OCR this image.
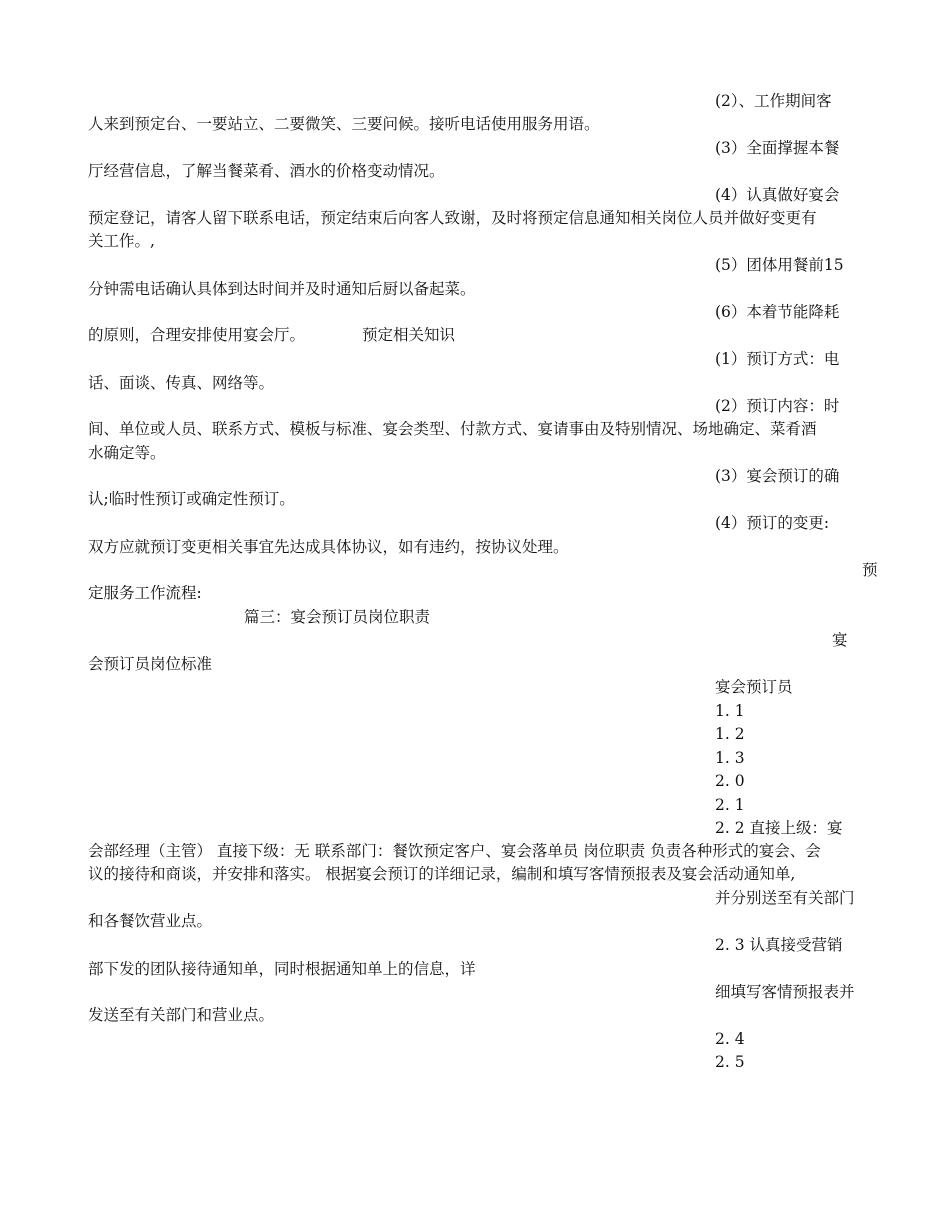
(2）、工作期间客
人来到预定台、一要站立、二要微笑、三要问候。接听电话使用服务用语。
(3）全面撑握本餐
厅经营信息，了解当餐菜肴、酒水的价格变动情况。
(4）认真做好宴会
预定登记，请客人留下联系电话，预定结束后向客人致谢，及时将预定信息通知相关岗位人员并做好变更有
关工作。,
(5）团体用餐前15
分钟需电话确认具体到达时间并及时通知后厨以备起菜。
(6）本着节能降耗
的原则，合理安排使用宴会厅。	预定相关知识
(1）预订方式：电
话、面谈、传真、网络等。
(2）预订内容：时
间、单位或人员、联系方式、模板与标准、宴会类型、付款方式、宴请事由及特别情况、场地确定、菜肴酒
水确定等。
(3）宴会预订的确
认;临时性预订或确定性预订。
(4）预订的变更:
双方应就预订变更相关事宜先达成具体协议，如有违约，按协议处理。
预
定服务工作流程:
篇三：宴会预订员岗位职责
宴
会预订员岗位标准
宴会预订员
1. 1
1. 2
1. 3
2. 0
2. 1
2. 2 直接上级：宴
会部经理（主管） 直接下级：无 联系部门：餐饮预定客户、宴会落单员 岗位职责 负责各种形式的宴会、会
议的接待和商谈，并安排和落实。 根据宴会预订的详细记录，编制和填写客情预报表及宴会活动通知单,
并分别送至有关部门
和各餐饮营业点。
2. 3 认真接受营销
部下发的团队接待通知单，同时根据通知单上的信息，详
细填写客情预报表并
发送至有关部门和营业点。
2. 4
2. 5
